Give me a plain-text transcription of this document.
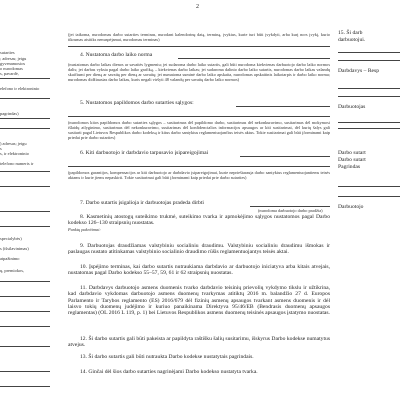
2
sutarties
; adresas; jeigu
gyvenamosios
o nurodomas
s, pavardė,
elefono ir elektroninio
pagrindas)
) adresas; jeigu
s
s, ir elektroninio
telefono numeris ir
specialybės)
s (išsilavinimas)
atpažinimo
ų, premiokos,
(jei taikoma, nurodomas darbo sutarties terminas, nurodant kalendorinę datą, terminą, įvykius, kurie turi būti įvykdyti, arba kurį nors įvykį, kurio tikrumas atsitiks nenuspėjamai, nurodomas terminas)
4. Nustatoma darbo laiko norma
(nustatomas darbo laikas dienos ar savaitės lygmeniu; jei sudaroma darbo laiko sutartis, gali būti nurodoma kiekvienas darbuotojo darbo laiko normos dalis; jei darbas vyksta pagal darbo laiko grafiką, – kiekvienas darbo laikas; jei sudaroma dalinio darbo laiko sutartis, nurodomas darbo laikas valandų skaičiumi per dieną ar savaitę per dieną ar savaitę; jei numatoma suminė darbo laiko apskaita, nurodomas apskaitinis laikotarpis ir darbo laiko norma; nurodomas didžiausias darbo laikas, kuris negali viršyti 48 valandų per savaitę darbo laiko normos)
5. Nustatomos papildomos darbo sutarties sąlygos:
(nurodomos kitos papildomos darbo sutarties sąlygos – susitarimas dėl papildomo darbo, susitarimas dėl nekonkuravimo, susitarimas dėl mokymosi išlaidų atlyginimo, susitarimas dėl nekonkuravimo, susitarimas dėl konfidencialios informacijos apsaugos ar kiti susitarimai, dėl kurių šalys gali susitarti pagal Lietuvos Respublikos darbo kodeksą ir kitus darbo santykius reglamentuojančius teisės aktus. Tokie susitarimai gali būti įforminami kaip priedai prie darbo sutarties)
6. Kiti darbuotojo ir darbdavio tarpusavio įsipareigojimai
(papildomos garantijos, kompensacijos ar kiti darbuotojo ar darbdavio įsipareigojimai, kurie neprieštarauja darbo santykius reglamentuojantiems teisės aktams ir kurie jiems nepaskirti. Tokie susitarimai gali būti įforminami kaip priedai prie darbo sutarties)
7. Darbo sutartis įsigalioja ir darbuotojas pradeda dirbti
(nurodoma darbuotojo darbo pradžia)
8. Kasmetinių atostogų suteikimo trukmė, suteikimo tvarka ir apmokėjimo sąlygos nustatomos pagal Darbo kodekso 126–130 straipsnių nuostatas.
Punktų pakeitimai:
9. Darbuotojas draudžiamas valstybiniu socialiniu draudimu. Valstybiniu socialiniu draudimu išmokas ir paslaugas nustato atitinkamas valstybinio socialinio draudimo rūšis reglamentuojantys teisės aktai.
10. Įspėjimo terminas, kai darbo sutartis nutraukiama darbdavio ar darbuotojo iniciatyva arba kitais atvejais, nustatomas pagal Darbo kodekso 55–57, 59, 61 ir 62 straipsnių nuostatas.
11. Darbdavys darbuotojo asmens duomenis tvarko darbdavio teisinių prievolių vykdymo tikslu ir užtikrina, kad darbdavio vykdomas darbuotojo asmens duomenų tvarkymas atitiktų 2016 m. balandžio 27 d. Europos Parlamento ir Tarybos reglamento (ES) 2016/679 dėl fizinių asmenų apsaugos tvarkant asmens duomenis ir dėl laisvo tokių duomenų judėjimo ir kuriuo panaikinama Direktyva 95/46/EB (Bendrasis duomenų apsaugos reglamentas) (OL 2016 L 119, p. 1) bei Lietuvos Respublikos asmens duomenų teisinės apsaugos įstatymo nuostatas.
12. Ši darbo sutartis gali būti pakeista ar papildyta raštišku šalių susitarimu, išskyrus Darbo kodekse numatytus atvejus.
13. Ši darbo sutartis gali būti nutraukta Darbo kodekse nustatytais pagrindais.
14. Ginčai dėl šios darbo sutarties nagrinėjami Darbo kodekso nustatyta tvarka.
15. Ši darb
darbuotojui.
Darbdavys – Resp
Darbuotojas
Darbo sutart
Darbo sutart
Pagrindas
Darbuotojo
